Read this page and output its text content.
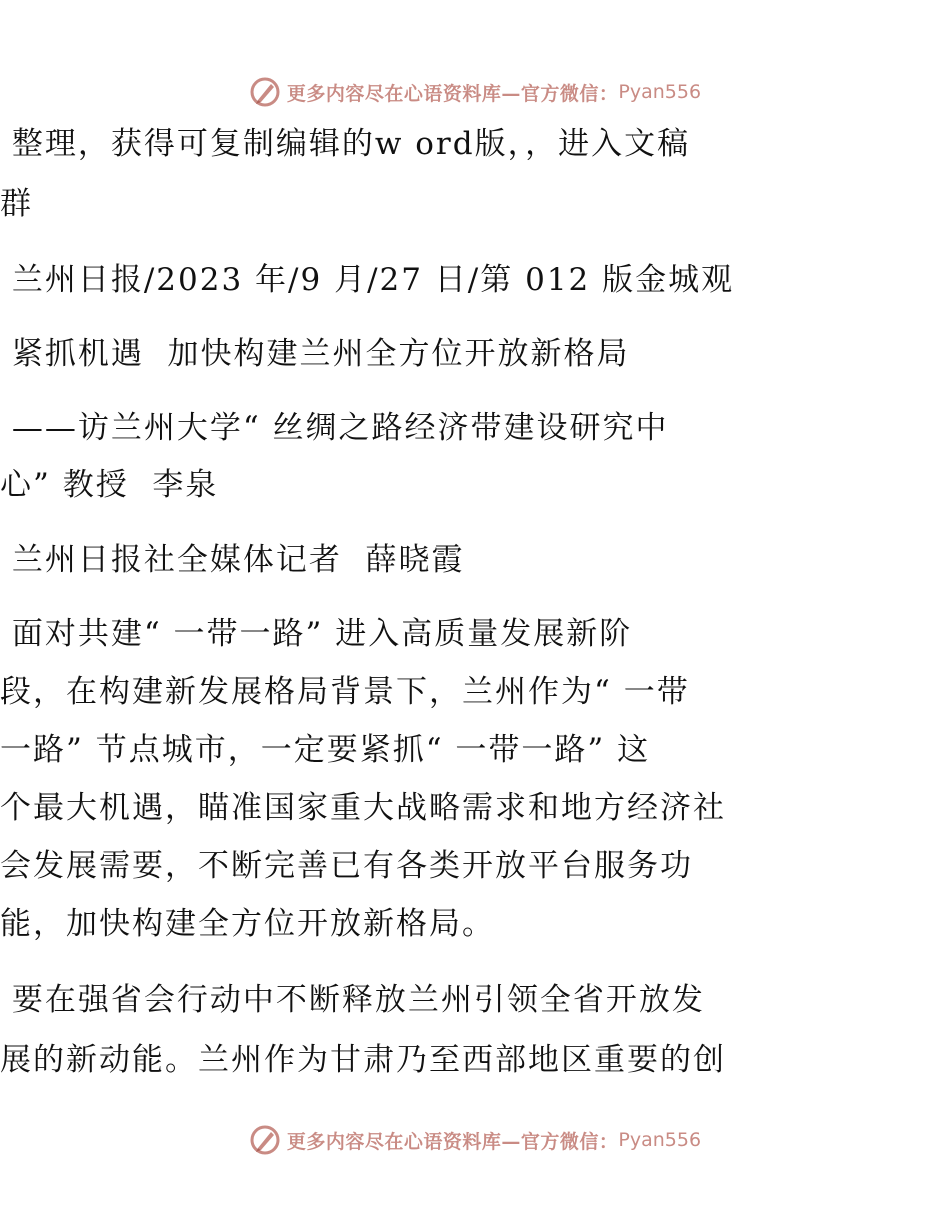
更多内容尽在心语资料库—官方微信： Pyan556
整理，获得可复制编辑的w ord版，，进入文稿
群
兰州日报/2023 年/9 月/27 日/第 012 版金城观
紧抓机遇  加快构建兰州全方位开放新格局
——访兰州大学“ 丝绸之路经济带建设研究中
心” 教授  李泉
兰州日报社全媒体记者  薛晓霞
面对共建“ 一带一路” 进入高质量发展新阶
段，在构建新发展格局背景下，兰州作为“ 一带
一路” 节点城市，一定要紧抓“ 一带一路” 这
个最大机遇，瞄准国家重大战略需求和地方经济社
会发展需要，不断完善已有各类开放平台服务功
能，加快构建全方位开放新格局。
要在强省会行动中不断释放兰州引领全省开放发
展的新动能。兰州作为甘肃乃至西部地区重要的创
更多内容尽在心语资料库—官方微信： Pyan556
